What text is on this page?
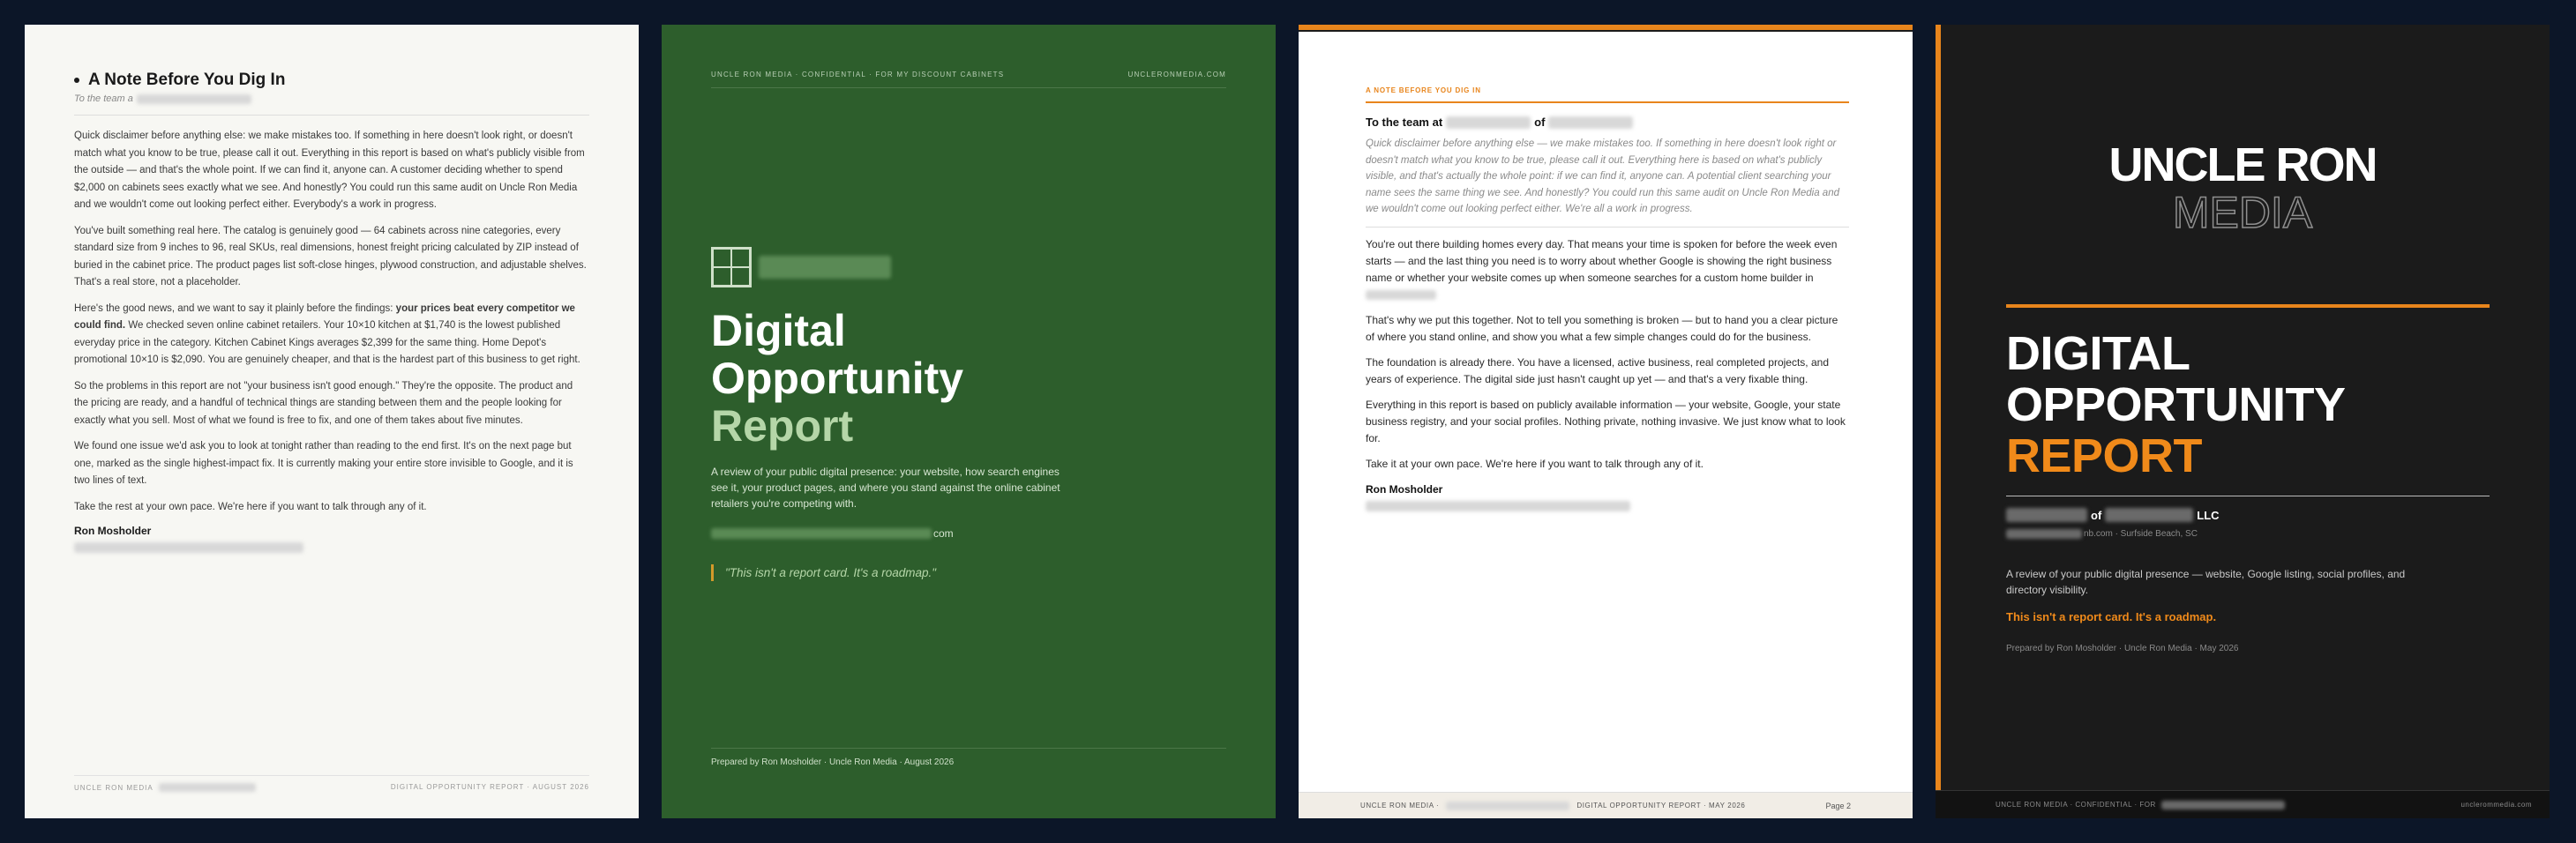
A Note Before You Dig In
To the team a

Quick disclaimer before anything else: we make mistakes too. If something in here doesn't look right, or doesn't match what you know to be true, please call it out. Everything in this report is based on what's publicly visible from the outside — and that's the whole point. If we can find it, anyone can. A customer deciding whether to spend $2,000 on cabinets sees exactly what we see. And honestly? You could run this same audit on Uncle Ron Media and we wouldn't come out looking perfect either. Everybody's a work in progress.

You've built something real here. The catalog is genuinely good — 64 cabinets across nine categories, every standard size from 9 inches to 96, real SKUs, real dimensions, honest freight pricing calculated by ZIP instead of buried in the cabinet price. The product pages list soft-close hinges, plywood construction, and adjustable shelves. That's a real store, not a placeholder.

Here's the good news, and we want to say it plainly before the findings: your prices beat every competitor we could find. We checked seven online cabinet retailers. Your 10×10 kitchen at $1,740 is the lowest published everyday price in the category. Kitchen Cabinet Kings averages $2,399 for the same thing. Home Depot's promotional 10×10 is $2,090. You are genuinely cheaper, and that is the hardest part of this business to get right.

So the problems in this report are not "your business isn't good enough." They're the opposite. The product and the pricing are ready, and a handful of technical things are standing between them and the people looking for exactly what you sell. Most of what we found is free to fix, and one of them takes about five minutes.

We found one issue we'd ask you to look at tonight rather than reading to the end first. It's on the next page but one, marked as the single highest-impact fix. It is currently making your entire store invisible to Google, and it is two lines of text.

Take the rest at your own pace. We're here if you want to talk through any of it.

Ron Mosholder
UNCLE RON MEDIA	DIGITAL OPPORTUNITY REPORT · AUGUST 2026
UNCLE RON MEDIA · CONFIDENTIAL · FOR MY DISCOUNT CABINETS	UNCLERONMEDIA.COM
Digital
Opportunity
Report
A review of your public digital presence: your website, how search engines see it, your product pages, and where you stand against the online cabinet retailers you're competing with.
com
"This isn't a report card. It's a roadmap."
Prepared by Ron Mosholder · Uncle Ron Media · August 2026
A NOTE BEFORE YOU DIG IN
To the team at	of
Quick disclaimer before anything else — we make mistakes too. If something in here doesn't look right or doesn't match what you know to be true, please call it out. Everything here is based on what's publicly visible, and that's actually the whole point: if we can find it, anyone can. A potential client searching your name sees the same thing we see. And honestly? You could run this same audit on Uncle Ron Media and we wouldn't come out looking perfect either. We're all a work in progress.

You're out there building homes every day. That means your time is spoken for before the week even starts — and the last thing you need is to worry about whether Google is showing the right business name or whether your website comes up when someone searches for a custom home builder in

That's why we put this together. Not to tell you something is broken — but to hand you a clear picture of where you stand online, and show you what a few simple changes could do for the business.

The foundation is already there. You have a licensed, active business, real completed projects, and years of experience. The digital side just hasn't caught up yet — and that's a very fixable thing.

Everything in this report is based on publicly available information — your website, Google, your state business registry, and your social profiles. Nothing private, nothing invasive. We just know what to look for.

Take it at your own pace. We're here if you want to talk through any of it.

Ron Mosholder
UNCLE RON MEDIA ·	DIGITAL OPPORTUNITY REPORT · MAY 2026	Page 2
UNCLE RON
MEDIA
DIGITAL
OPPORTUNITY
REPORT
of	LLC
nb.com · Surfside Beach, SC
A review of your public digital presence — website, Google listing, social profiles, and directory visibility.
This isn't a report card. It's a roadmap.
Prepared by Ron Mosholder · Uncle Ron Media · May 2026
UNCLE RON MEDIA · CONFIDENTIAL · FOR	unclerommedia.com
